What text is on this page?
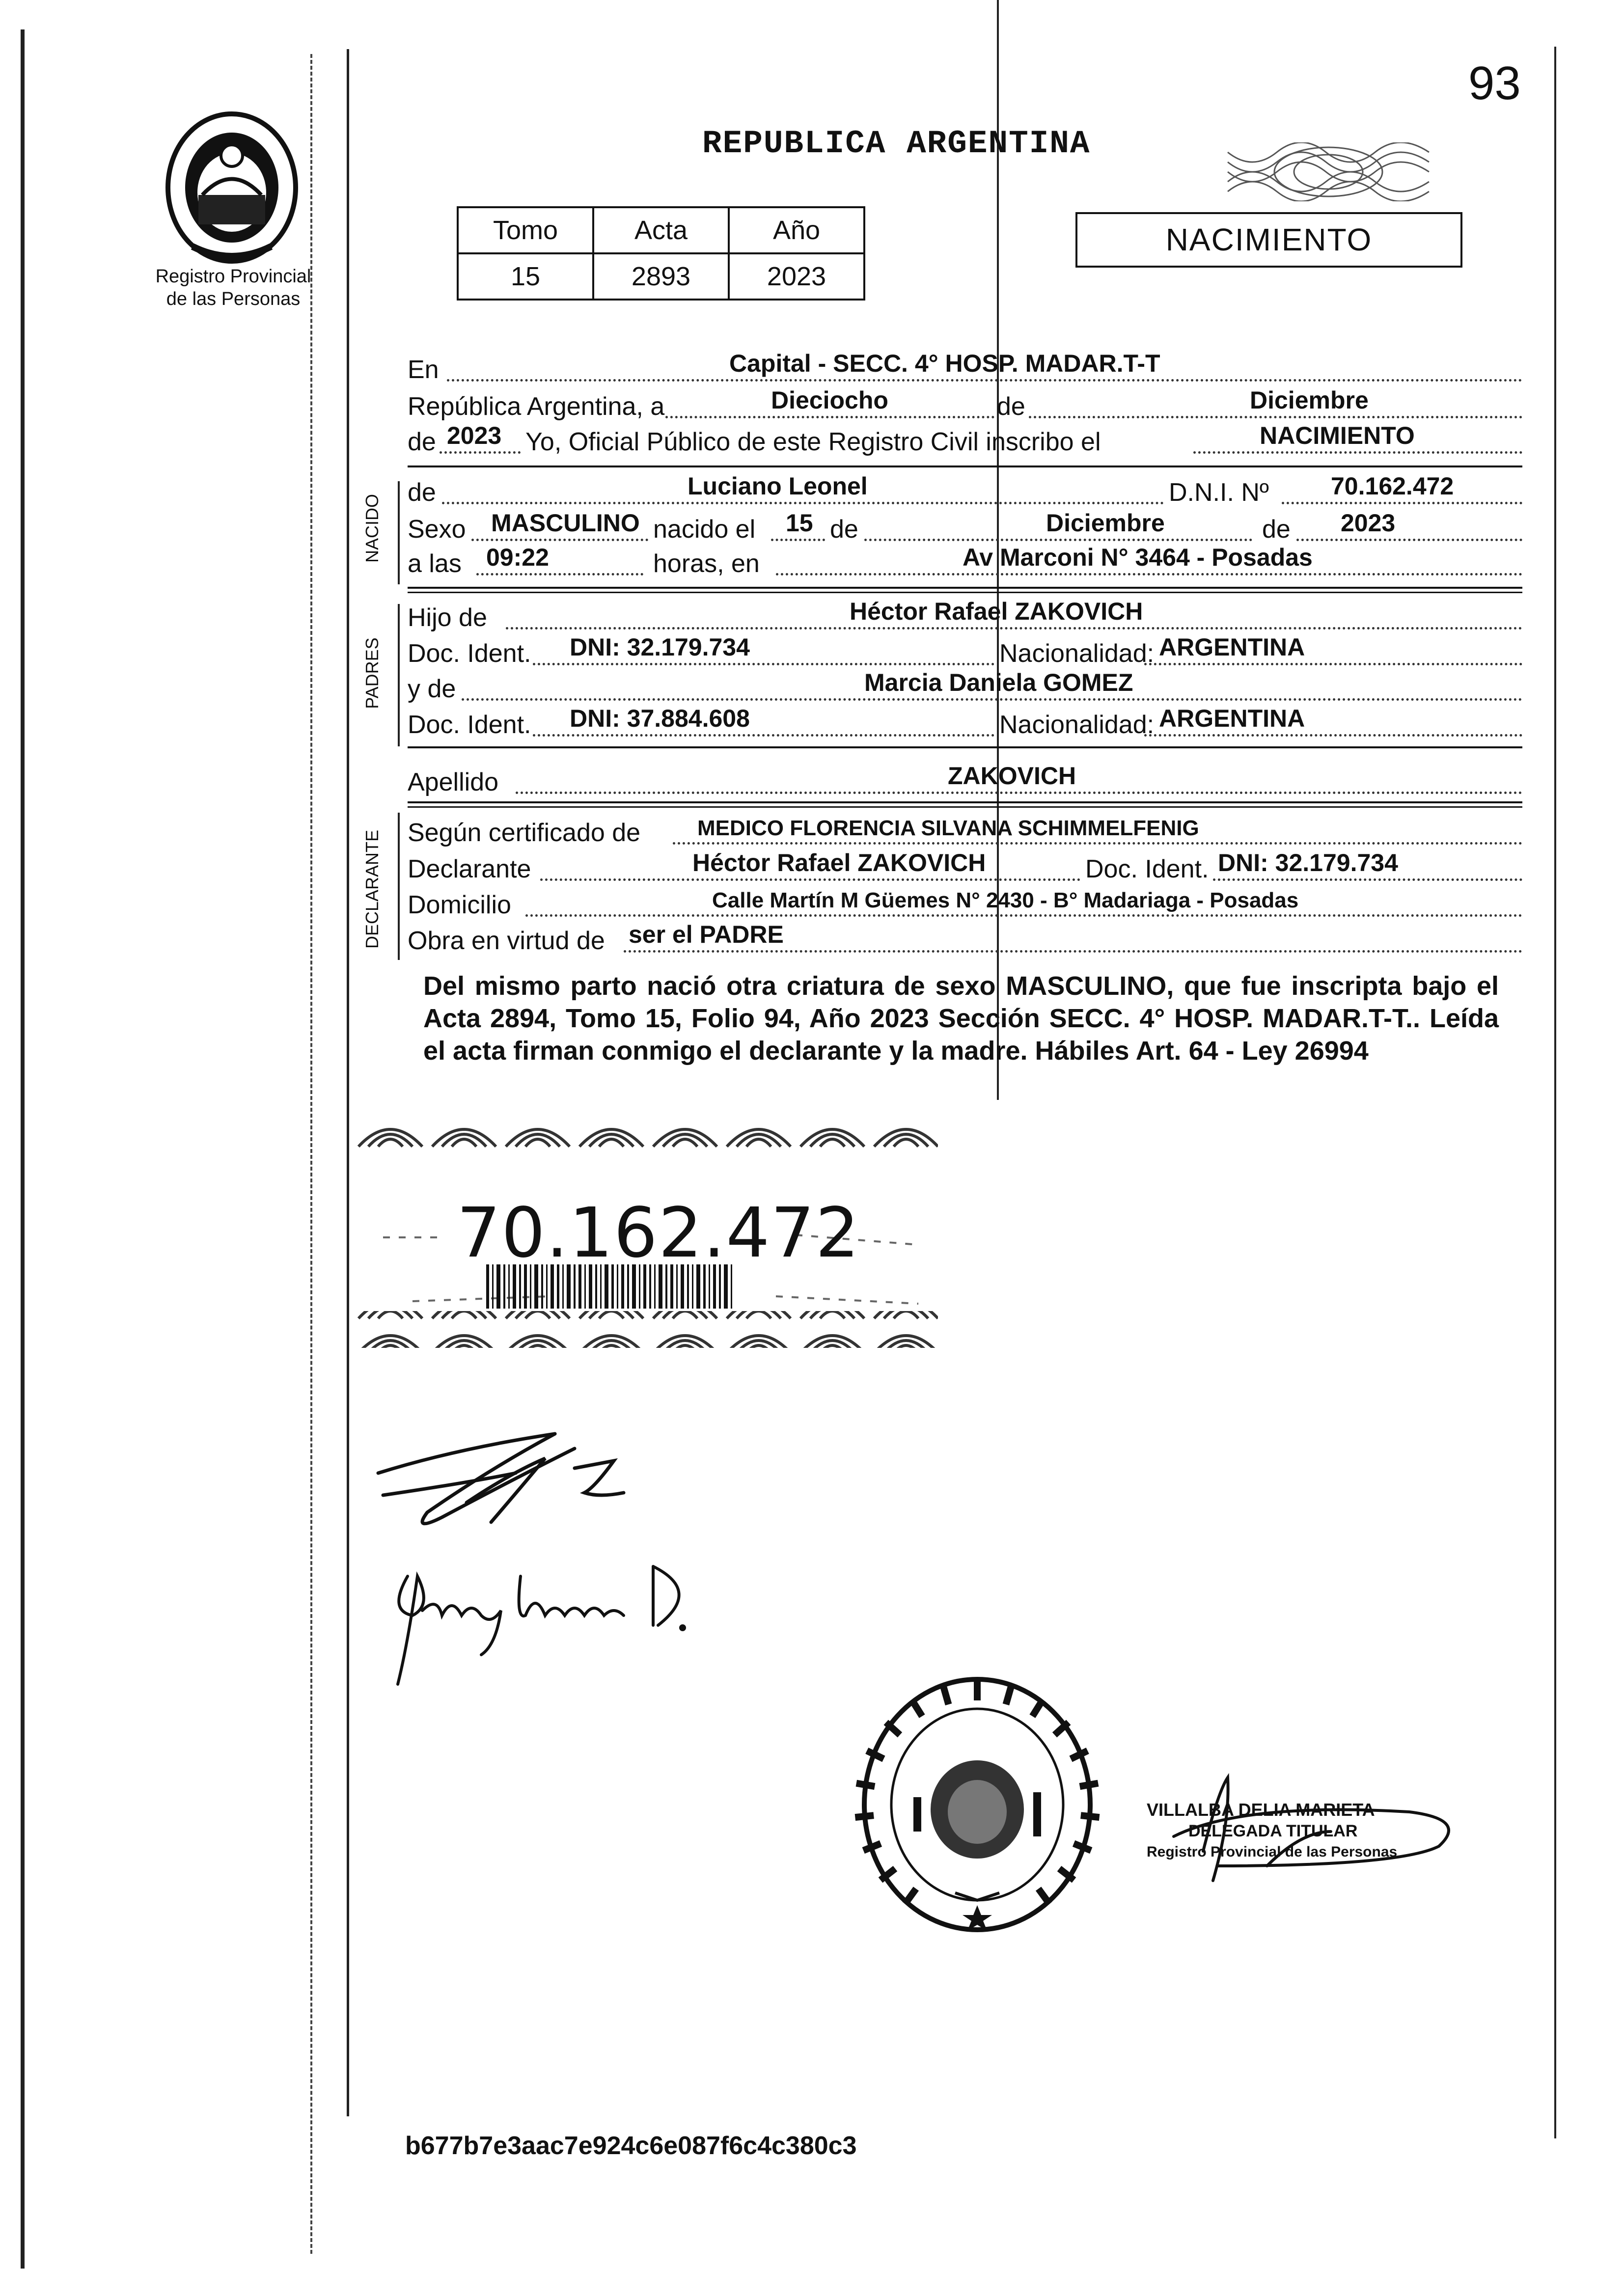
93
REPUBLICA ARGENTINA
Registro Provincial
de las Personas
Tomo	Acta	Año
15	2893	2023
NACIMIENTO
NACIDO
PADRES
DECLARANTE
En	Capital - SECC. 4° HOSP. MADAR.T-T
República Argentina, a	Dieciocho	de	Diciembre
de 2023 Yo, Oficial Público de este Registro Civil inscribo el	NACIMIENTO
de	Luciano Leonel	D.N.I. Nº	70.162.472
Sexo MASCULINO nacido el 15 de	Diciembre	de 2023
a las 09:22	horas, en	Av Marconi N° 3464 - Posadas
Hijo de	Héctor Rafael ZAKOVICH
Doc. Ident. DNI: 32.179.734	Nacionalidad: ARGENTINA
y de	Marcia Daniela GOMEZ
Doc. Ident. DNI: 37.884.608	Nacionalidad: ARGENTINA
Apellido	ZAKOVICH
Según certificado de	MEDICO FLORENCIA SILVANA SCHIMMELFENIG
Declarante	Héctor Rafael ZAKOVICH	Doc. Ident. DNI: 32.179.734
Domicilio	Calle Martín M Güemes N° 2430 - B° Madariaga - Posadas
Obra en virtud de ser el PADRE
Del mismo parto nació otra criatura de sexo MASCULINO, que fue inscripta bajo el Acta 2894, Tomo 15, Folio 94, Año 2023 Sección SECC. 4° HOSP. MADAR.T-T.. Leída el acta firman conmigo el declarante y la madre. Hábiles Art. 64 - Ley 26994
70.162.472
VILLALBA DELIA MARIETA
DELEGADA TITULAR
Registro Provincial de las Personas
b677b7e3aac7e924c6e087f6c4c380c3
